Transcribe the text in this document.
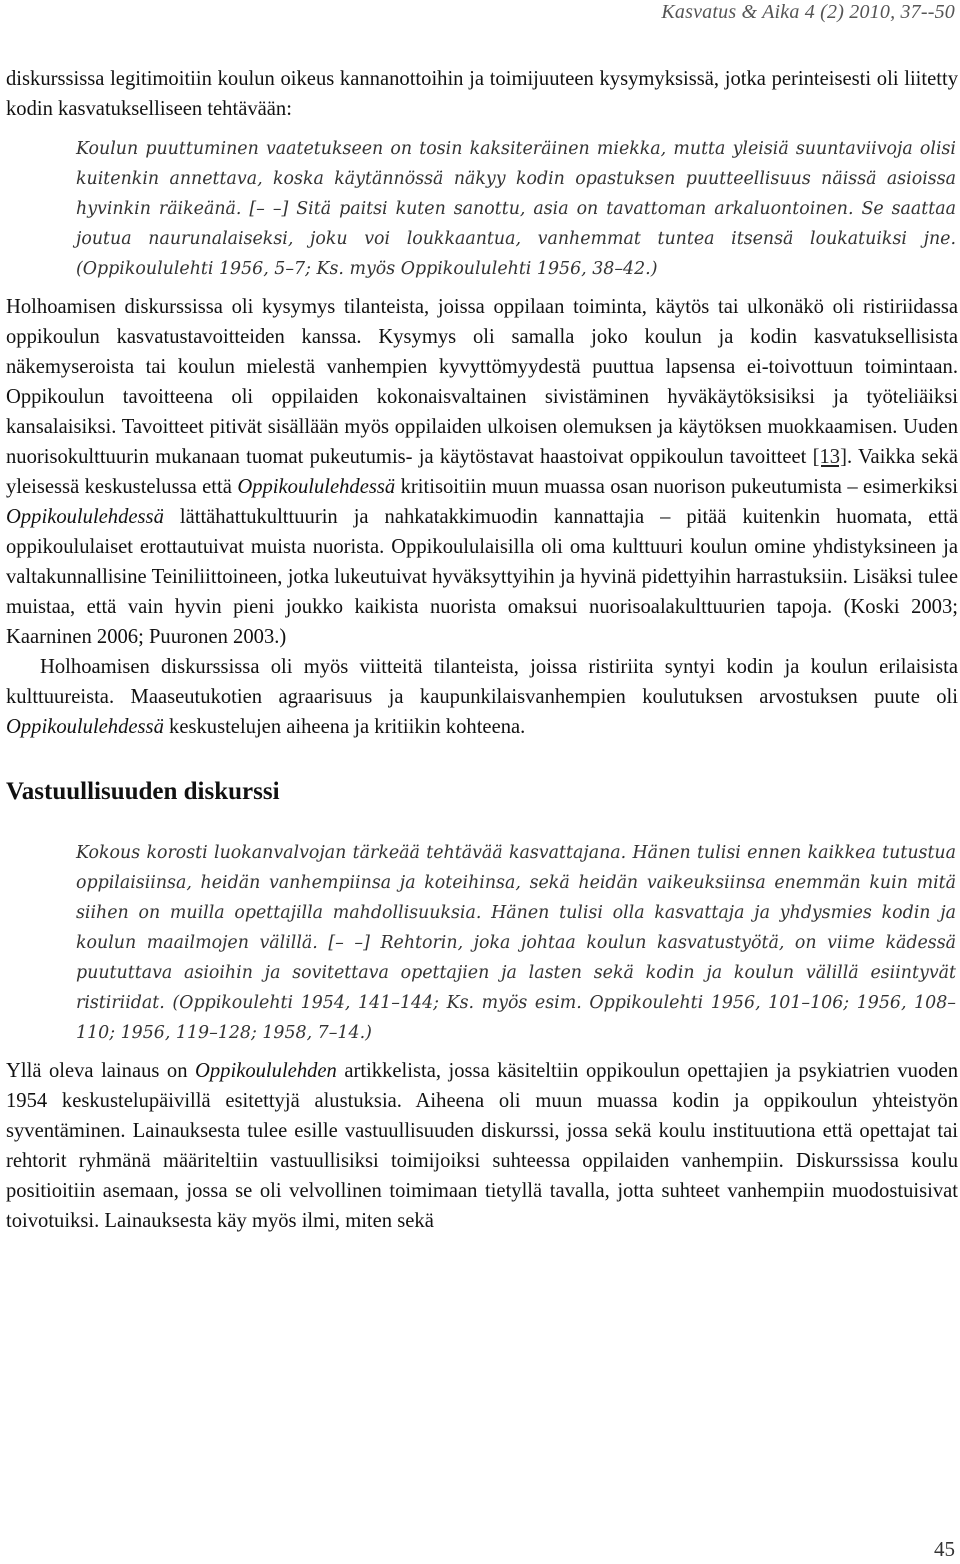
Kasvatus & Aika 4 (2) 2010, 37--50

diskurssissa legitimoitiin koulun oikeus kannanottoihin ja toimijuuteen kysymyksissä, jotka perinteisesti oli liitetty kodin kasvatukselliseen tehtävään:

Koulun puuttuminen vaatetukseen on tosin kaksiteräinen miekka, mutta yleisiä suuntaviivoja olisi kuitenkin annettava, koska käytännössä näkyy kodin opastuksen puutteellisuus näissä asioissa hyvinkin räikeänä. [– –] Sitä paitsi kuten sanottu, asia on tavattoman arkaluontoinen. Se saattaa joutua naurunalaiseksi, joku voi loukkaantua, vanhemmat tuntea itsensä loukatuiksi jne. (Oppikoululehti 1956, 5–7; Ks. myös Oppikoululehti 1956, 38–42.)

Holhoamisen diskurssissa oli kysymys tilanteista, joissa oppilaan toiminta, käytös tai ulkonäkö oli ristiriidassa oppikoulun kasvatustavoitteiden kanssa. Kysymys oli samalla joko koulun ja kodin kasvatuksellisista näkemyseroista tai koulun mielestä vanhempien kyvyttömyydestä puuttua lapsensa ei-toivottuun toimintaan. Oppikoulun tavoitteena oli oppilaiden kokonaisvaltainen sivistäminen hyväkäytöksisiksi ja työteliäiksi kansalaisiksi. Tavoitteet pitivät sisällään myös oppilaiden ulkoisen olemuksen ja käytöksen muokkaamisen. Uuden nuorisokulttuurin mukanaan tuomat pukeutumis- ja käytöstavat haastoivat oppikoulun tavoitteet [13]. Vaikka sekä yleisessä keskustelussa että Oppikoululehdessä kritisoitiin muun muassa osan nuorison pukeutumista – esimerkiksi Oppikoululehdessä lättähattukulttuurin ja nahkatakkimuodin kannattajia – pitää kuitenkin huomata, että oppikoululaiset erottautuivat muista nuorista. Oppikoululaisilla oli oma kulttuuri koulun omine yhdistyksineen ja valtakunnallisine Teiniliittoineen, jotka lukeutuivat hyväksyttyihin ja hyvinä pidettyihin harrastuksiin. Lisäksi tulee muistaa, että vain hyvin pieni joukko kaikista nuorista omaksui nuorisoalakulttuurien tapoja. (Koski 2003; Kaarninen 2006; Puuronen 2003.)

Holhoamisen diskurssissa oli myös viitteitä tilanteista, joissa ristiriita syntyi kodin ja koulun erilaisista kulttuureista. Maaseutukotien agraarisuus ja kaupunkilaisvanhempien koulutuksen arvostuksen puute oli Oppikoululehdessä keskustelujen aiheena ja kritiikin kohteena.

Vastuullisuuden diskurssi
Kokous korosti luokanvalvojan tärkeää tehtävää kasvattajana. Hänen tulisi ennen kaikkea tutustua oppilaisiinsa, heidän vanhempiinsa ja koteihinsa, sekä heidän vaikeuksiinsa enemmän kuin mitä siihen on muilla opettajilla mahdollisuuksia. Hänen tulisi olla kasvattaja ja yhdysmies kodin ja koulun maailmojen välillä. [– –] Rehtorin, joka johtaa koulun kasvatustyötä, on viime kädessä puututtava asioihin ja sovitettava opettajien ja lasten sekä kodin ja koulun välillä esiintyvät ristiriidat. (Oppikoulehti 1954, 141–144; Ks. myös esim. Oppikoulehti 1956, 101–106; 1956, 108–110; 1956, 119–128; 1958, 7–14.)

Yllä oleva lainaus on Oppikoululehden artikkelista, jossa käsiteltiin oppikoulun opettajien ja psykiatrien vuoden 1954 keskustelupäivillä esitettyjä alustuksia. Aiheena oli muun muassa kodin ja oppikoulun yhteistyön syventäminen. Lainauksesta tulee esille vastuullisuuden diskurssi, jossa sekä koulu instituutiona että opettajat tai rehtorit ryhmänä määriteltiin vastuullisiksi toimijoiksi suhteessa oppilaiden vanhempiin. Diskurssissa koulu positioitiin asemaan, jossa se oli velvollinen toimimaan tietyllä tavalla, jotta suhteet vanhempiin muodostuisivat toivotuiksi. Lainauksesta käy myös ilmi, miten sekä

45
